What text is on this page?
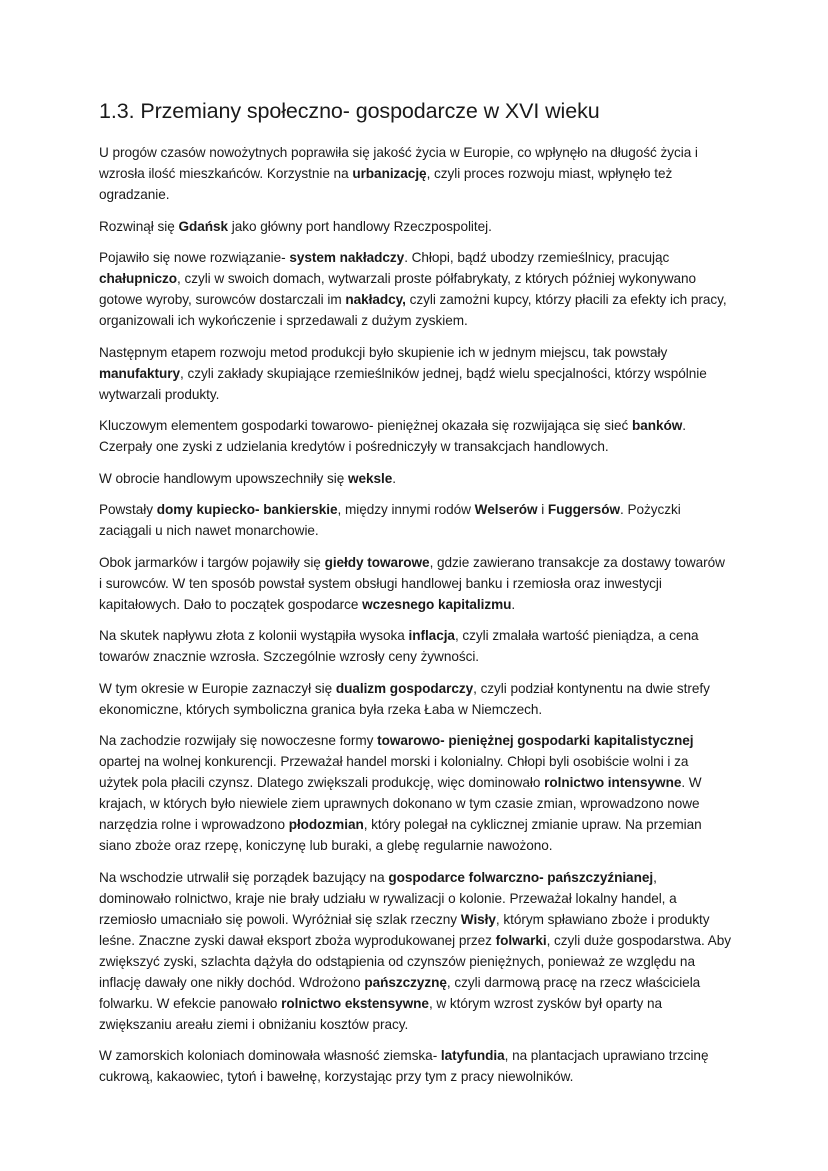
1.3. Przemiany społeczno- gospodarcze w XVI wieku

U progów czasów nowożytnych poprawiła się jakość życia w Europie, co wpłynęło na długość życia i wzrosła ilość mieszkańców. Korzystnie na urbanizację, czyli proces rozwoju miast, wpłynęło też ogradzanie.

Rozwinął się Gdańsk jako główny port handlowy Rzeczpospolitej.

Pojawiło się nowe rozwiązanie- system nakładczy. Chłopi, bądź ubodzy rzemieślnicy, pracując chałupniczo, czyli w swoich domach, wytwarzali proste półfabrykaty, z których później wykonywano gotowe wyroby, surowców dostarczali im nakładcy, czyli zamożni kupcy, którzy płacili za efekty ich pracy, organizowali ich wykończenie i sprzedawali z dużym zyskiem.

Następnym etapem rozwoju metod produkcji było skupienie ich w jednym miejscu, tak powstały manufaktury, czyli zakłady skupiające rzemieślników jednej, bądź wielu specjalności, którzy wspólnie wytwarzali produkty.

Kluczowym elementem gospodarki towarowo- pieniężnej okazała się rozwijająca się sieć banków. Czerpały one zyski z udzielania kredytów i pośredniczyły w transakcjach handlowych.

W obrocie handlowym upowszechniły się weksle.

Powstały domy kupiecko- bankierskie, między innymi rodów Welserów i Fuggersów. Pożyczki zaciągali u nich nawet monarchowie.

Obok jarmarków i targów pojawiły się giełdy towarowe, gdzie zawierano transakcje za dostawy towarów i surowców. W ten sposób powstał system obsługi handlowej banku i rzemiosła oraz inwestycji kapitałowych. Dało to początek gospodarce wczesnego kapitalizmu.

Na skutek napływu złota z kolonii wystąpiła wysoka inflacja, czyli zmalała wartość pieniądza, a cena towarów znacznie wzrosła. Szczególnie wzrosły ceny żywności.

W tym okresie w Europie zaznaczył się dualizm gospodarczy, czyli podział kontynentu na dwie strefy ekonomiczne, których symboliczna granica była rzeka Łaba w Niemczech.

Na zachodzie rozwijały się nowoczesne formy towarowo- pieniężnej gospodarki kapitalistycznej opartej na wolnej konkurencji. Przeważał handel morski i kolonialny. Chłopi byli osobiście wolni i za użytek pola płacili czynsz. Dlatego zwiększali produkcję, więc dominowało rolnictwo intensywne. W krajach, w których było niewiele ziem uprawnych dokonano w tym czasie zmian, wprowadzono nowe narzędzia rolne i wprowadzono płodozmian, który polegał na cyklicznej zmianie upraw. Na przemian siano zboże oraz rzepę, koniczynę lub buraki, a glebę regularnie nawożono.

Na wschodzie utrwalił się porządek bazujący na gospodarce folwarczno- pańszczyźnianej, dominowało rolnictwo, kraje nie brały udziału w rywalizacji o kolonie. Przeważał lokalny handel, a rzemiosło umacniało się powoli. Wyróżniał się szlak rzeczny Wisły, którym spławiano zboże i produkty leśne. Znaczne zyski dawał eksport zboża wyprodukowanej przez folwarki, czyli duże gospodarstwa. Aby zwiększyć zyski, szlachta dążyła do odstąpienia od czynszów pieniężnych, ponieważ ze względu na inflację dawały one nikły dochód. Wdrożono pańszczyznę, czyli darmową pracę na rzecz właściciela folwarku. W efekcie panowało rolnictwo ekstensywne, w którym wzrost zysków był oparty na zwiększaniu areału ziemi i obniżaniu kosztów pracy.

W zamorskich koloniach dominowała własność ziemska- latyfundia, na plantacjach uprawiano trzcinę cukrową, kakaowiec, tytoń i bawełnę, korzystając przy tym z pracy niewolników.
